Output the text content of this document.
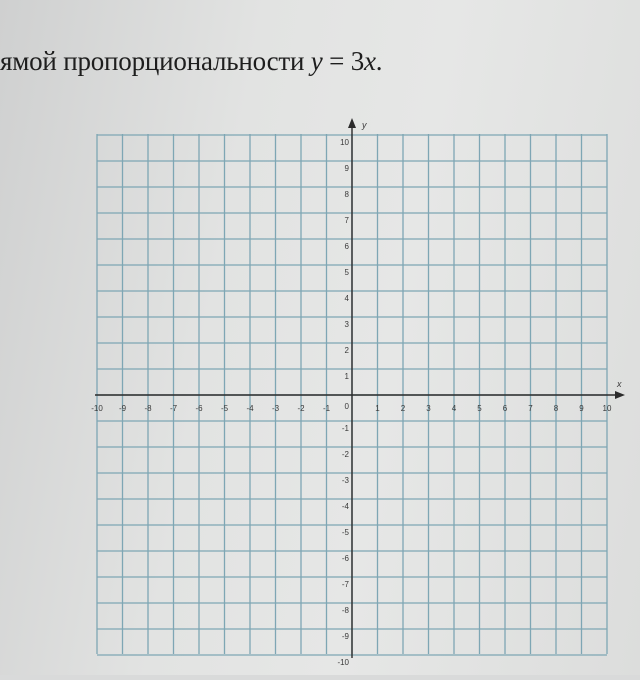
ямой пропорциональности y = 3x.
x
y
-10 -9 -8 -7 -6 -5 -4 -3 -2 -1	1	2	3	4	5	6	7	8	9 10
10
9
8
7
6
5
4
3
2
1
-1
-2
-3
-4
-5
-6
-7
-8
-9
-10
0
